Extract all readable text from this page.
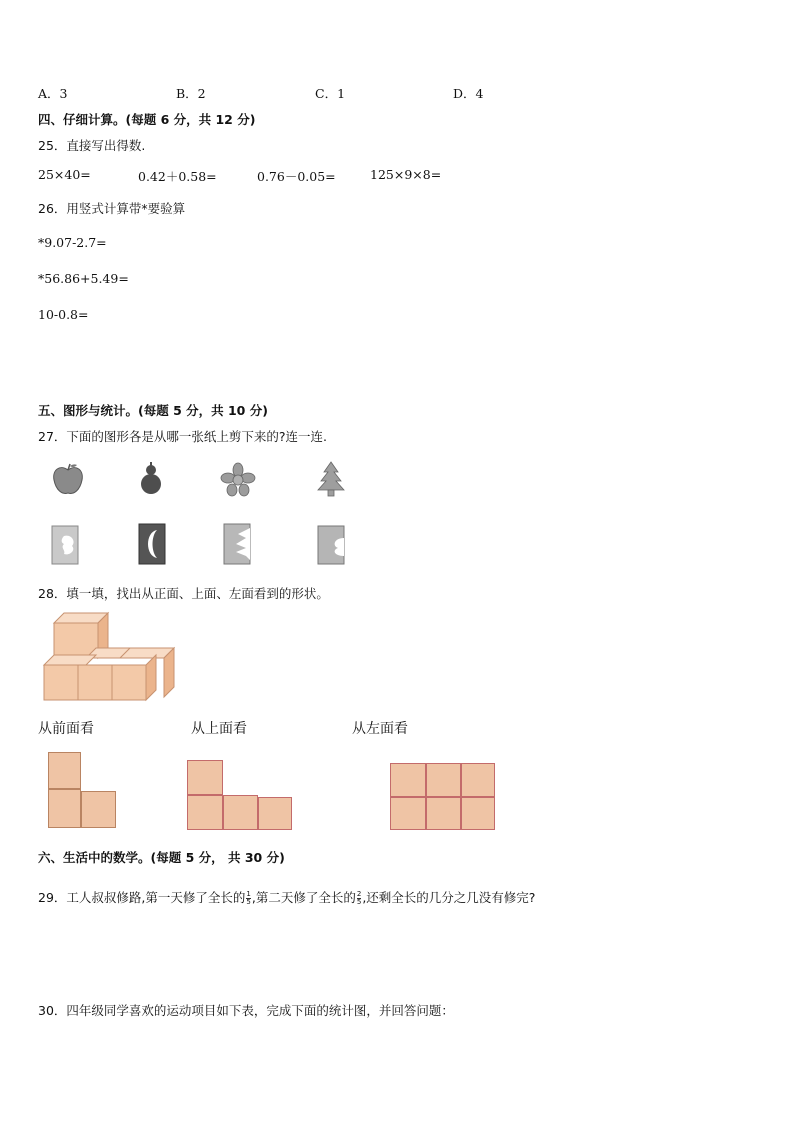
A．3	B．2	C．1	D．4
四、仔细计算。(每题 6 分，共 12 分)
25．直接写出得数.
25×40=	0.42＋0.58=	0.76－0.05=	125×9×8=
26．用竖式计算带*要验算
*9.07-2.7=
*56.86+5.49=
10-0.8=
五、图形与统计。(每题 5 分，共 10 分)
27．下面的图形各是从哪一张纸上剪下来的?连一连.
28．填一填，找出从正面、上面、左面看到的形状。
从前面看	从上面看	从左面看
六、生活中的数学。(每题 5 分， 共 30 分)
29．工人叔叔修路,第一天修了全长的 $\frac{1}{5}$ ,第二天修了全长的 $\frac{2}{5}$ ,还剩全长的几分之几没有修完?
30．四年级同学喜欢的运动项目如下表，完成下面的统计图，并回答问题：
